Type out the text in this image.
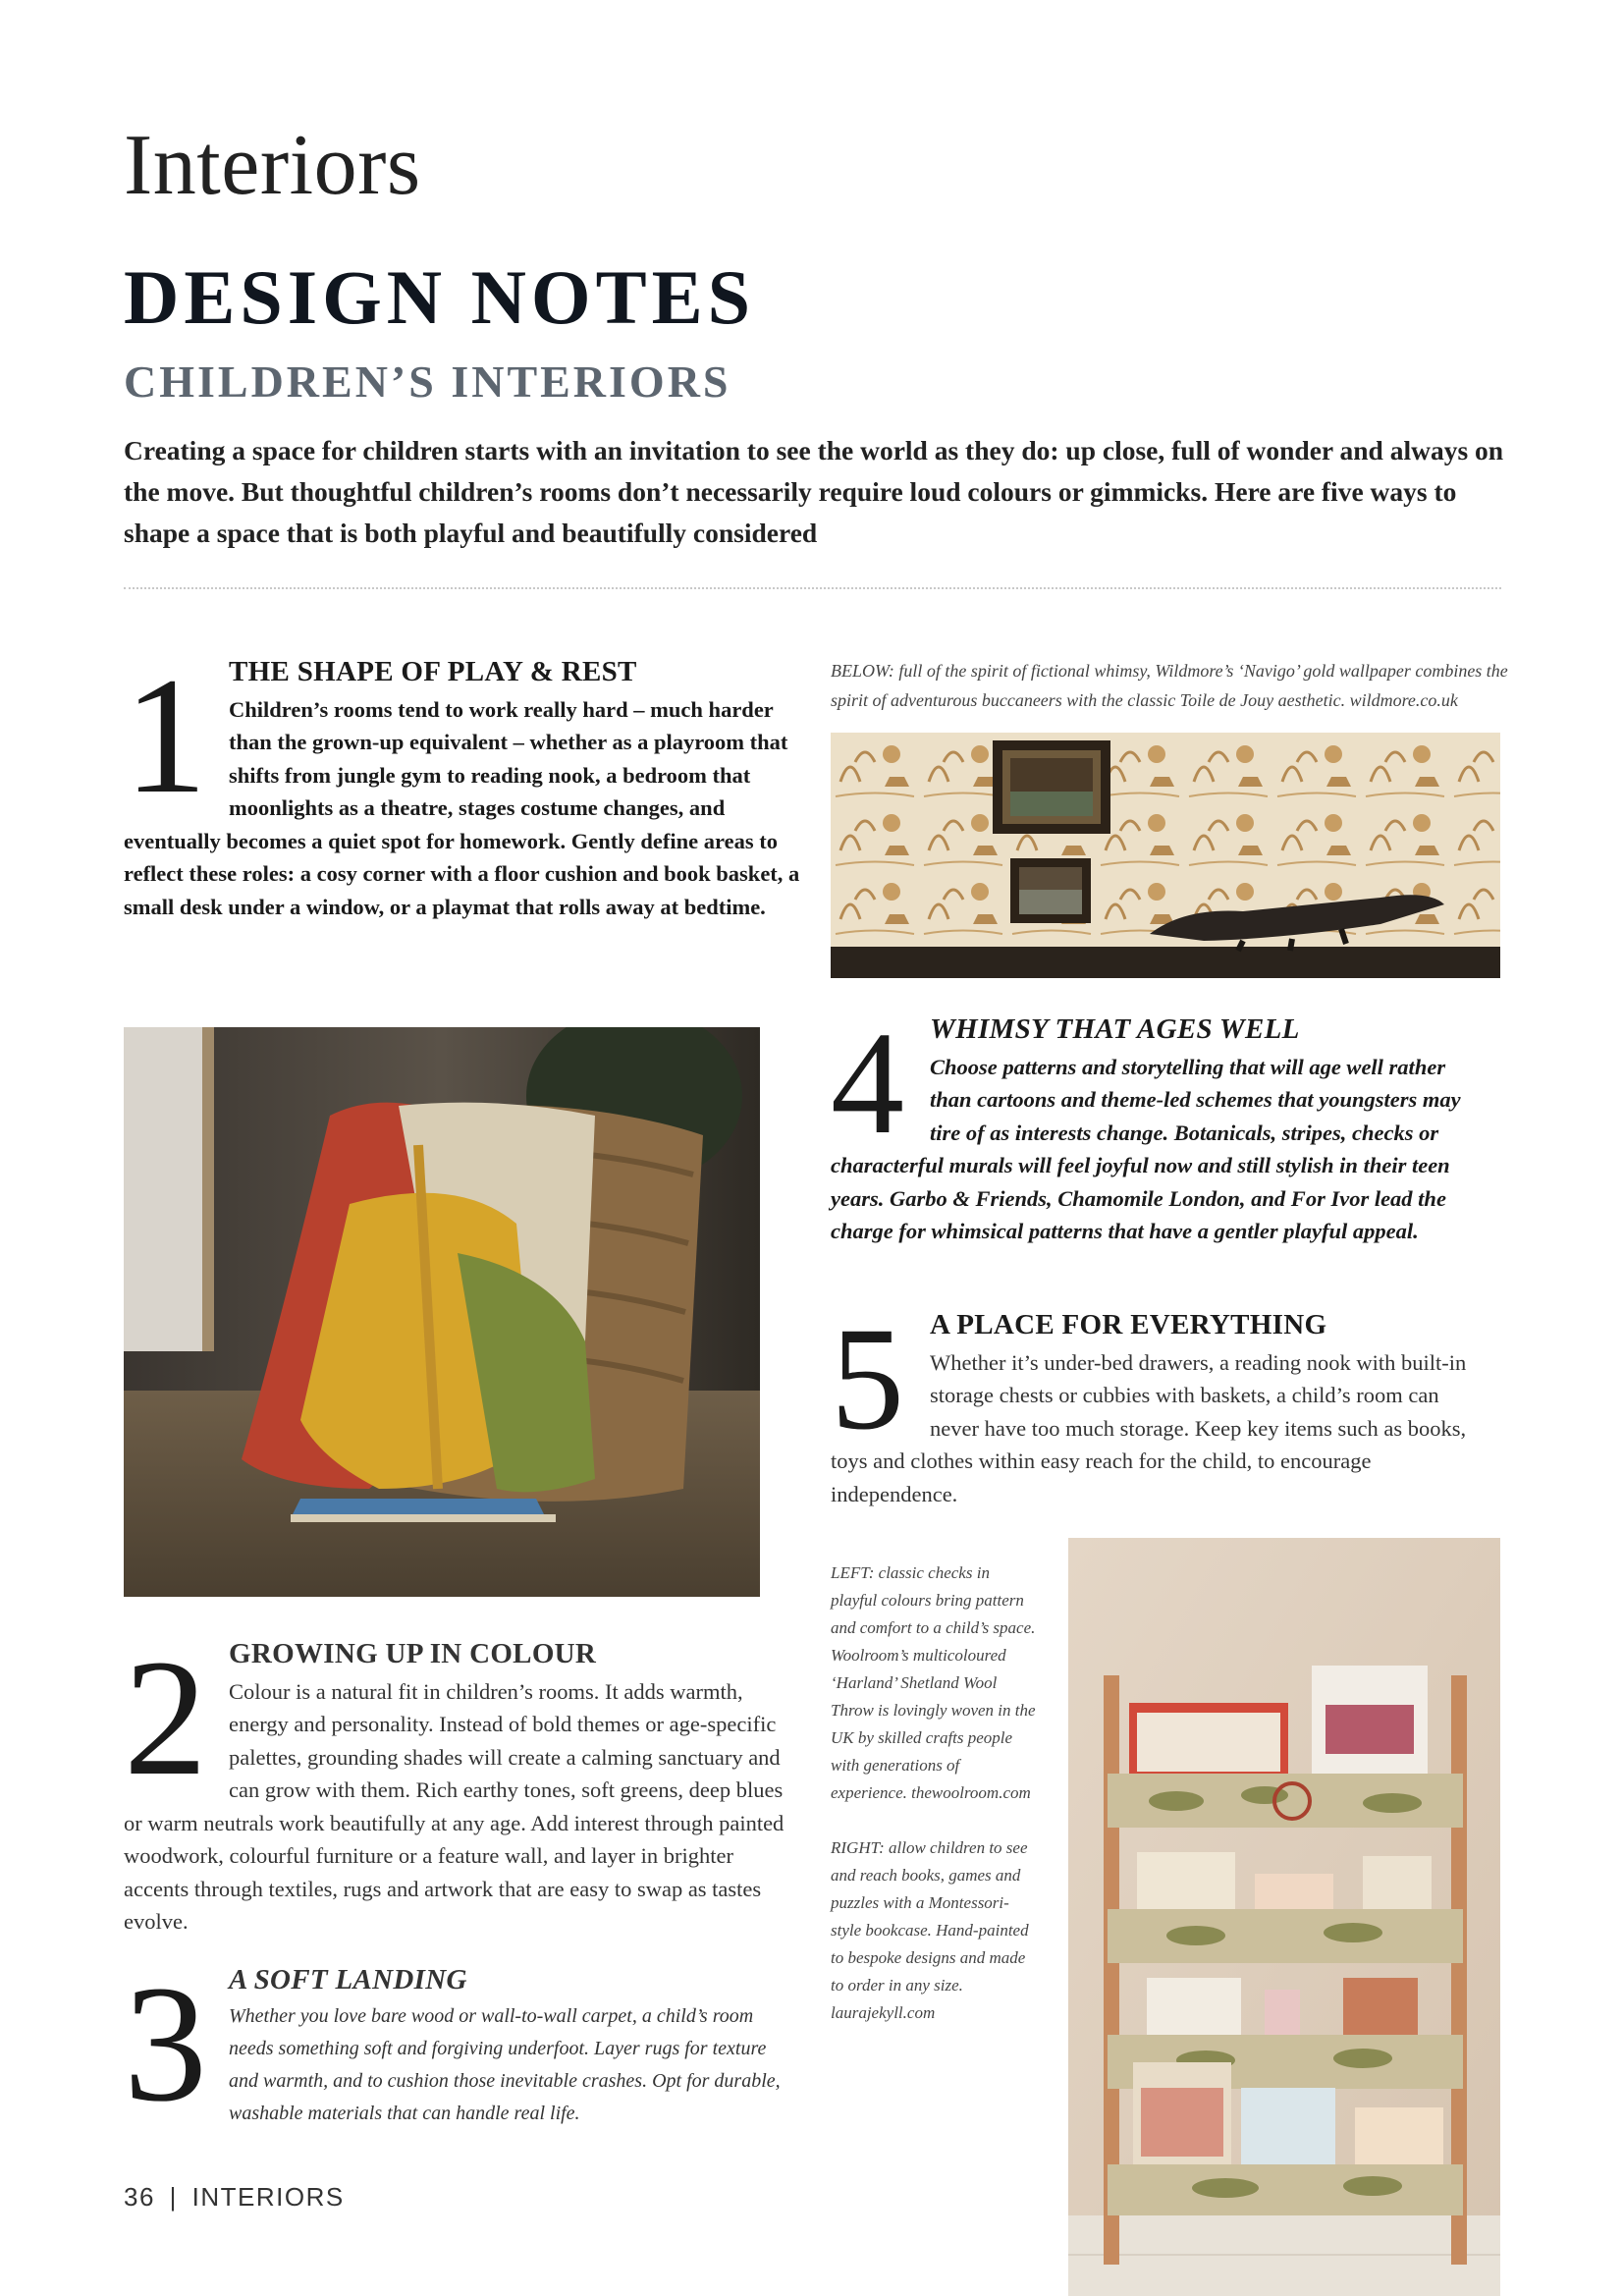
Interiors
DESIGN NOTES
CHILDREN’S INTERIORS
Creating a space for children starts with an invitation to see the world as they do: up close, full of wonder and always on the move. But thoughtful children’s rooms don’t necessarily require loud colours or gimmicks. Here are five ways to shape a space that is both playful and beautifully considered
1 THE SHAPE OF PLAY & REST

Children’s rooms tend to work really hard – much harder than the grown-up equivalent – whether as a playroom that shifts from jungle gym to reading nook, a bedroom that moonlights as a theatre, stages costume changes, and eventually becomes a quiet spot for homework. Gently define areas to reflect these roles: a cosy corner with a floor cushion and book basket, a small desk under a window, or a playmat that rolls away at bedtime.

2 GROWING UP IN COLOUR

Colour is a natural fit in children’s rooms. It adds warmth, energy and personality. Instead of bold themes or age-specific palettes, grounding shades will create a calming sanctuary and can grow with them. Rich earthy tones, soft greens, deep blues or warm neutrals work beautifully at any age. Add interest through painted woodwork, colourful furniture or a feature wall, and layer in brighter accents through textiles, rugs and artwork that are easy to swap as tastes evolve.

3 A SOFT LANDING

Whether you love bare wood or wall-to-wall carpet, a child’s room needs something soft and forgiving underfoot. Layer rugs for texture and warmth, and to cushion those inevitable crashes. Opt for durable, washable materials that can handle real life.

BELOW: full of the spirit of fictional whimsy, Wildmore’s ‘Navigo’ gold wallpaper combines the spirit of adventurous buccaneers with the classic Toile de Jouy aesthetic. wildmore.co.uk
4 WHIMSY THAT AGES WELL

Choose patterns and storytelling that will age well rather than cartoons and theme-led schemes that youngsters may tire of as interests change. Botanicals, stripes, checks or characterful murals will feel joyful now and still stylish in their teen years. Garbo & Friends, Chamomile London, and For Ivor lead the charge for whimsical patterns that have a gentler playful appeal.

5 A PLACE FOR EVERYTHING

Whether it’s under-bed drawers, a reading nook with built-in storage chests or cubbies with baskets, a child’s room can never have too much storage. Keep key items such as books, toys and clothes within easy reach for the child, to encourage independence.

LEFT: classic checks in playful colours bring pattern and comfort to a child’s space. Woolroom’s multicoloured ‘Harland’ Shetland Wool Throw is lovingly woven in the UK by skilled crafts people with generations of experience. thewoolroom.com

RIGHT: allow children to see and reach books, games and puzzles with a Montessori-style bookcase. Hand-painted to bespoke designs and made to order in any size. laurajekyll.com

36 | INTERIORS
